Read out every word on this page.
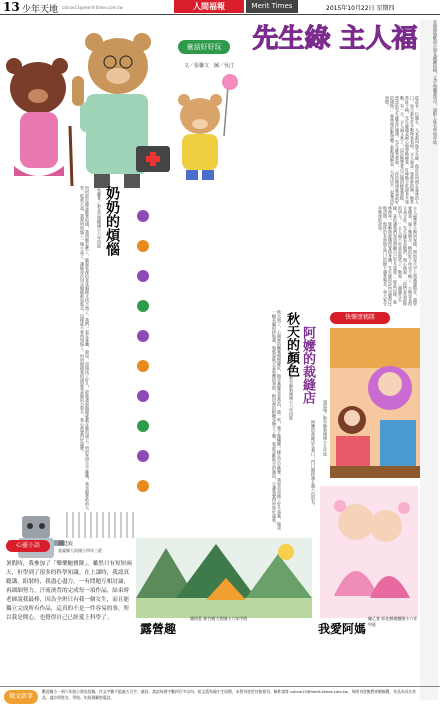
13 少年天地 cstrue13@merit-times.com.tw	人間福報	Merit Times	2015年10月22日 星期四
童話好好玩
文／張馨文　圖／吳汀
先生綠 主人福
從前有一位醫生，大家都叫他先生綠，他的診所開在森林的入口，每天都有許多動物來看病。主人福是一隻胖胖的熊，牠常常肚子痛，先生綠總是耐心地替牠檢查，叮嚀牠少吃甜食多運動。有一天，主人福又來了，這次牠帶著自己做的蜂蜜蛋糕，想送給先生綠當作謝禮，先生綠笑著說：「你的健康就是最好的禮物。」森林裡的動物聽了都點頭稱是，大家決定一起養成好習慣。	本版園地歡迎小朋友踴躍投稿，文字與圖畫皆可，請附上姓名學校年級。
主人福帶著小熊回家後，開始每天早上到溪邊散步，還學會種菜。過了幾個月，牠的肚子再也不痛了，小熊也長得又高又壯。先生綠看見牠們，開心地說：「你們真是最棒的病人！」主人福不好意思地笑了，牠說：「謝謝先生綠，是你讓我們知道照顧自己有多重要。」從此以後，森林裡每一隻動物都懂得愛惜身體，先生綠的診所也變得比較清閒，他終於有時間在門口的樹下讀書喝茶，和大家分享健康的故事。
奶奶的煩惱
吳蕙菁／新北市積穗國小六年四班
奶奶最近總是皺著眉頭，我問她怎麼了，她說家裡的老花眼鏡又找不到了。我們一起在客廳、廚房、房間找了好久，最後發現眼鏡就戴在她的頭上！奶奶笑得合不攏嘴，我也跟著哈哈大笑。從那天起，我幫奶奶做了一個小盒子，讓她每次用完眼鏡都放進去，這樣就不會再煩惱了。奶奶摸摸我的頭說我是她的小幫手，我心裡覺得好溫暖。	秋天到了，公園裡的楓葉慢慢變紅，銀杏葉變成金黃色，風一吹，葉子像蝴蝶一樣在空中跳舞。我和弟弟撿了好多落葉，做成一幅美麗的拼貼畫。媽媽說秋天是收穫的季節，稻田裡的稻穗也彎下了腰。我最喜歡秋天的顏色，它讓我覺得世界好溫柔。 秋天的顏色
許嘉宸／新竹縣新埔國小六年四班
快樂塗鴉隊
阿嬤的裁縫店
張恩瑜／新竹縣新埔國小五年級
阿嬤的裁縫店在巷口，門口總掛滿五顏六色的布。
我愛阿媽
陳乙萱 彰化縣埔鹽國小六年甲班
露營趣
謝琦蓉 新竹縣大智國小六年甲班
心靈小語	周廷宸
嘉義縣大同國小四年三班
暑假時，我參加了「樂樂鮑寶隊」，雖然只有短短兩天，但學到了很多的科學知識。在上課時，我認真聽講、組裝時，我盡心盡力，一有問題互相討論，再細細努力，汗流浹背的完成每一項作品，結束時老師說我最棒，因為全班只有我一個女生，而且能獨立完成所有作品，這真的不是一件容易的事，所以我是開心，也覺得自己已經愛上科學了。
徵文啟事
歡迎國小一到六年級小朋友投稿，作文字數不超過五百字，童詩、童話每則字數四百字以內；短文需為國小生原創，未曾刊登於其他報刊。稿件請寄 cstrue13@merit-times.com.tw，每則刊登後將寄贈稿費，作品為具名作品，請註明姓名、學校、年級與聯絡電話。
